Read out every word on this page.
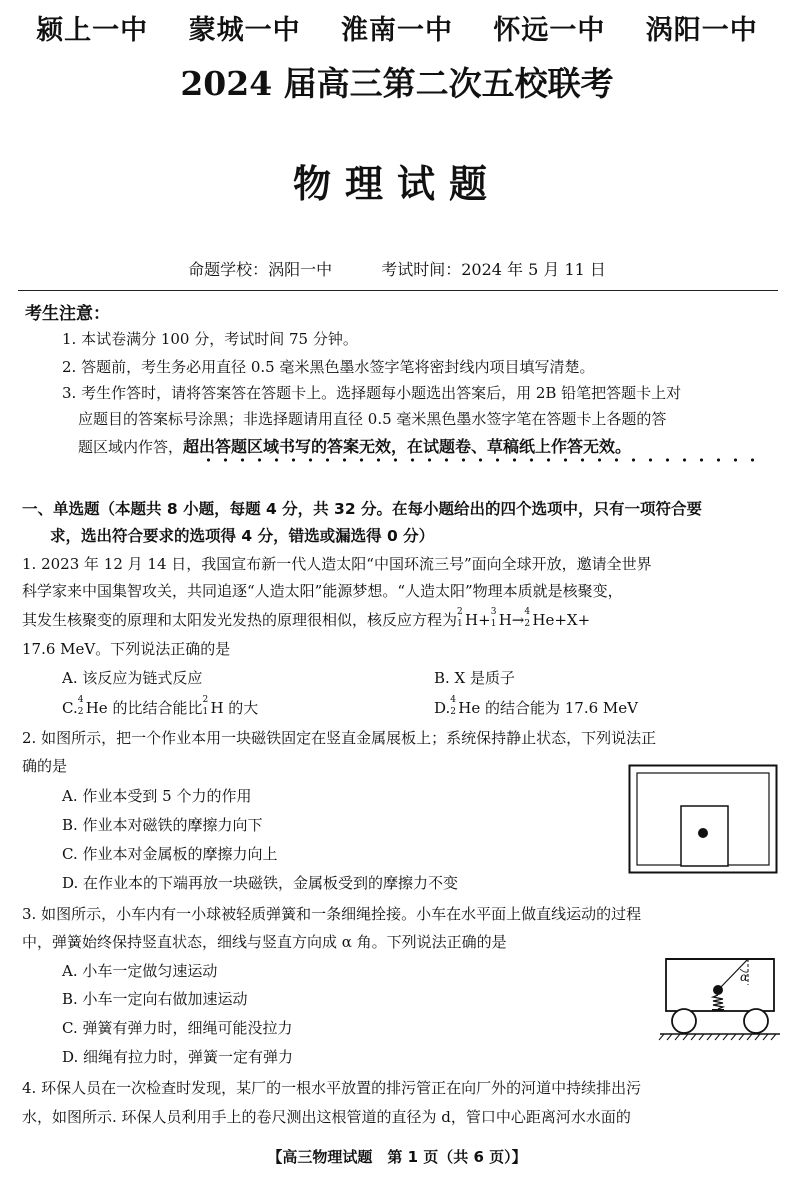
颍上一中 蒙城一中 淮南一中 怀远一中 涡阳一中
2024 届高三第二次五校联考
物理试题
命题学校：涡阳一中	考试时间：2024 年 5 月 11 日
考生注意：
1. 本试卷满分 100 分，考试时间 75 分钟。
2. 答题前，考生务必用直径 0.5 毫米黑色墨水签字笔将密封线内项目填写清楚。
3. 考生作答时，请将答案答在答题卡上。选择题每小题选出答案后，用 2B 铅笔把答题卡上对
应题目的答案标号涂黑；非选择题请用直径 0.5 毫米黑色墨水签字笔在答题卡上各题的答
题区域内作答，超出答题区域书写的答案无效，在试题卷、草稿纸上作答无效。
一、单选题（本题共 8 小题，每题 4 分，共 32 分。在每小题给出的四个选项中，只有一项符合要
求，选出符合要求的选项得 4 分，错选或漏选得 0 分）
1. 2023 年 12 月 14 日，我国宣布新一代人造太阳“中国环流三号”面向全球开放，邀请全世界
科学家来中国集智攻关，共同追逐“人造太阳”能源梦想。“人造太阳”物理本质就是核聚变，
其发生核聚变的原理和太阳发光发热的原理很相似，核反应方程为 2
1 H+ 3
1 H→ 4
2 He+X+
17.6 MeV。下列说法正确的是
A. 该反应为链式反应	B. X 是质子
C. 4
2 He 的比结合能比 2
1 H 的大	D. 4
2 He 的结合能为 17.6 MeV
2. 如图所示，把一个作业本用一块磁铁固定在竖直金属展板上；系统保持静止状态，下列说法正
确的是
A. 作业本受到 5 个力的作用
B. 作业本对磁铁的摩擦力向下
C. 作业本对金属板的摩擦力向上
D. 在作业本的下端再放一块磁铁，金属板受到的摩擦力不变
3. 如图所示，小车内有一小球被轻质弹簧和一条细绳拴接。小车在水平面上做直线运动的过程
中，弹簧始终保持竖直状态，细线与竖直方向成 α 角。下列说法正确的是
A. 小车一定做匀速运动
B. 小车一定向右做加速运动
C. 弹簧有弹力时，细绳可能没拉力
D. 细绳有拉力时，弹簧一定有弹力
α
4. 环保人员在一次检查时发现，某厂的一根水平放置的排污管正在向厂外的河道中持续排出污
水，如图所示. 环保人员利用手上的卷尺测出这根管道的直径为 d，管口中心距离河水水面的
【高三物理试题　第 1 页（共 6 页）】
